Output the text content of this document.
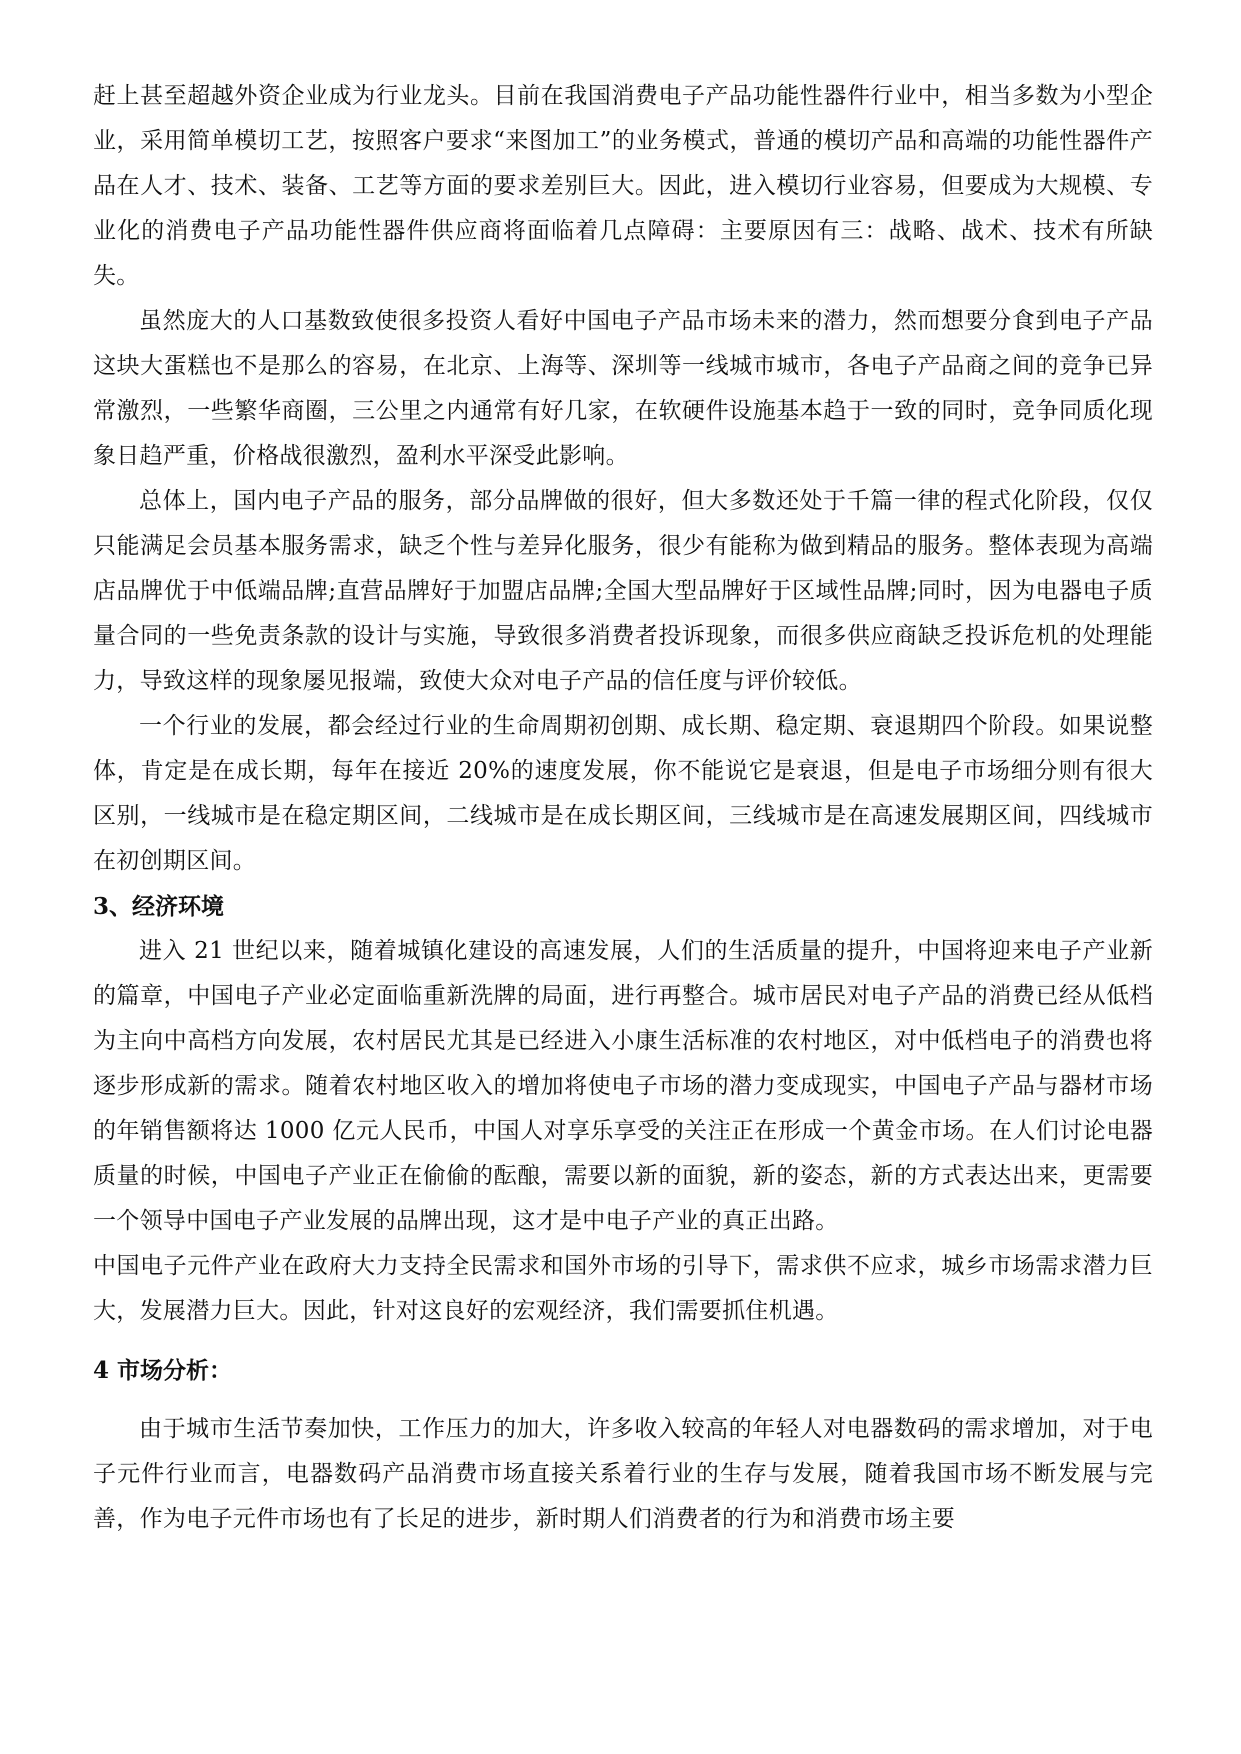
赶上甚至超越外资企业成为行业龙头。目前在我国消费电子产品功能性器件行业中，相当多数为小型企业，采用简单模切工艺，按照客户要求“来图加工”的业务模式，普通的模切产品和高端的功能性器件产品在人才、技术、装备、工艺等方面的要求差别巨大。因此，进入模切行业容易，但要成为大规模、专业化的消费电子产品功能性器件供应商将面临着几点障碍：主要原因有三：战略、战术、技术有所缺失。

虽然庞大的人口基数致使很多投资人看好中国电子产品市场未来的潜力，然而想要分食到电子产品这块大蛋糕也不是那么的容易，在北京、上海等、深圳等一线城市城市，各电子产品商之间的竞争已异常激烈，一些繁华商圈，三公里之内通常有好几家，在软硬件设施基本趋于一致的同时，竞争同质化现象日趋严重，价格战很激烈，盈利水平深受此影响。

总体上，国内电子产品的服务，部分品牌做的很好，但大多数还处于千篇一律的程式化阶段，仅仅只能满足会员基本服务需求，缺乏个性与差异化服务，很少有能称为做到精品的服务。整体表现为高端店品牌优于中低端品牌;直营品牌好于加盟店品牌;全国大型品牌好于区域性品牌;同时，因为电器电子质量合同的一些免责条款的设计与实施，导致很多消费者投诉现象，而很多供应商缺乏投诉危机的处理能力，导致这样的现象屡见报端，致使大众对电子产品的信任度与评价较低。

一个行业的发展，都会经过行业的生命周期初创期、成长期、稳定期、衰退期四个阶段。如果说整体，肯定是在成长期，每年在接近 20%的速度发展，你不能说它是衰退，但是电子市场细分则有很大区别，一线城市是在稳定期区间，二线城市是在成长期区间，三线城市是在高速发展期区间，四线城市在初创期区间。

3、经济环境

进入 21 世纪以来，随着城镇化建设的高速发展，人们的生活质量的提升，中国将迎来电子产业新的篇章，中国电子产业必定面临重新洗牌的局面，进行再整合。城市居民对电子产品的消费已经从低档为主向中高档方向发展，农村居民尤其是已经进入小康生活标准的农村地区，对中低档电子的消费也将逐步形成新的需求。随着农村地区收入的增加将使电子市场的潜力变成现实，中国电子产品与器材市场的年销售额将达 1000 亿元人民币，中国人对享乐享受的关注正在形成一个黄金市场。在人们讨论电器质量的时候，中国电子产业正在偷偷的酝酿，需要以新的面貌，新的姿态，新的方式表达出来，更需要一个领导中国电子产业发展的品牌出现，这才是中电子产业的真正出路。

中国电子元件产业在政府大力支持全民需求和国外市场的引导下，需求供不应求，城乡市场需求潜力巨大，发展潜力巨大。因此，针对这良好的宏观经济，我们需要抓住机遇。

4 市场分析：

由于城市生活节奏加快，工作压力的加大，许多收入较高的年轻人对电器数码的需求增加，对于电子元件行业而言，电器数码产品消费市场直接关系着行业的生存与发展，随着我国市场不断发展与完善，作为电子元件市场也有了长足的进步，新时期人们消费者的行为和消费市场主要
